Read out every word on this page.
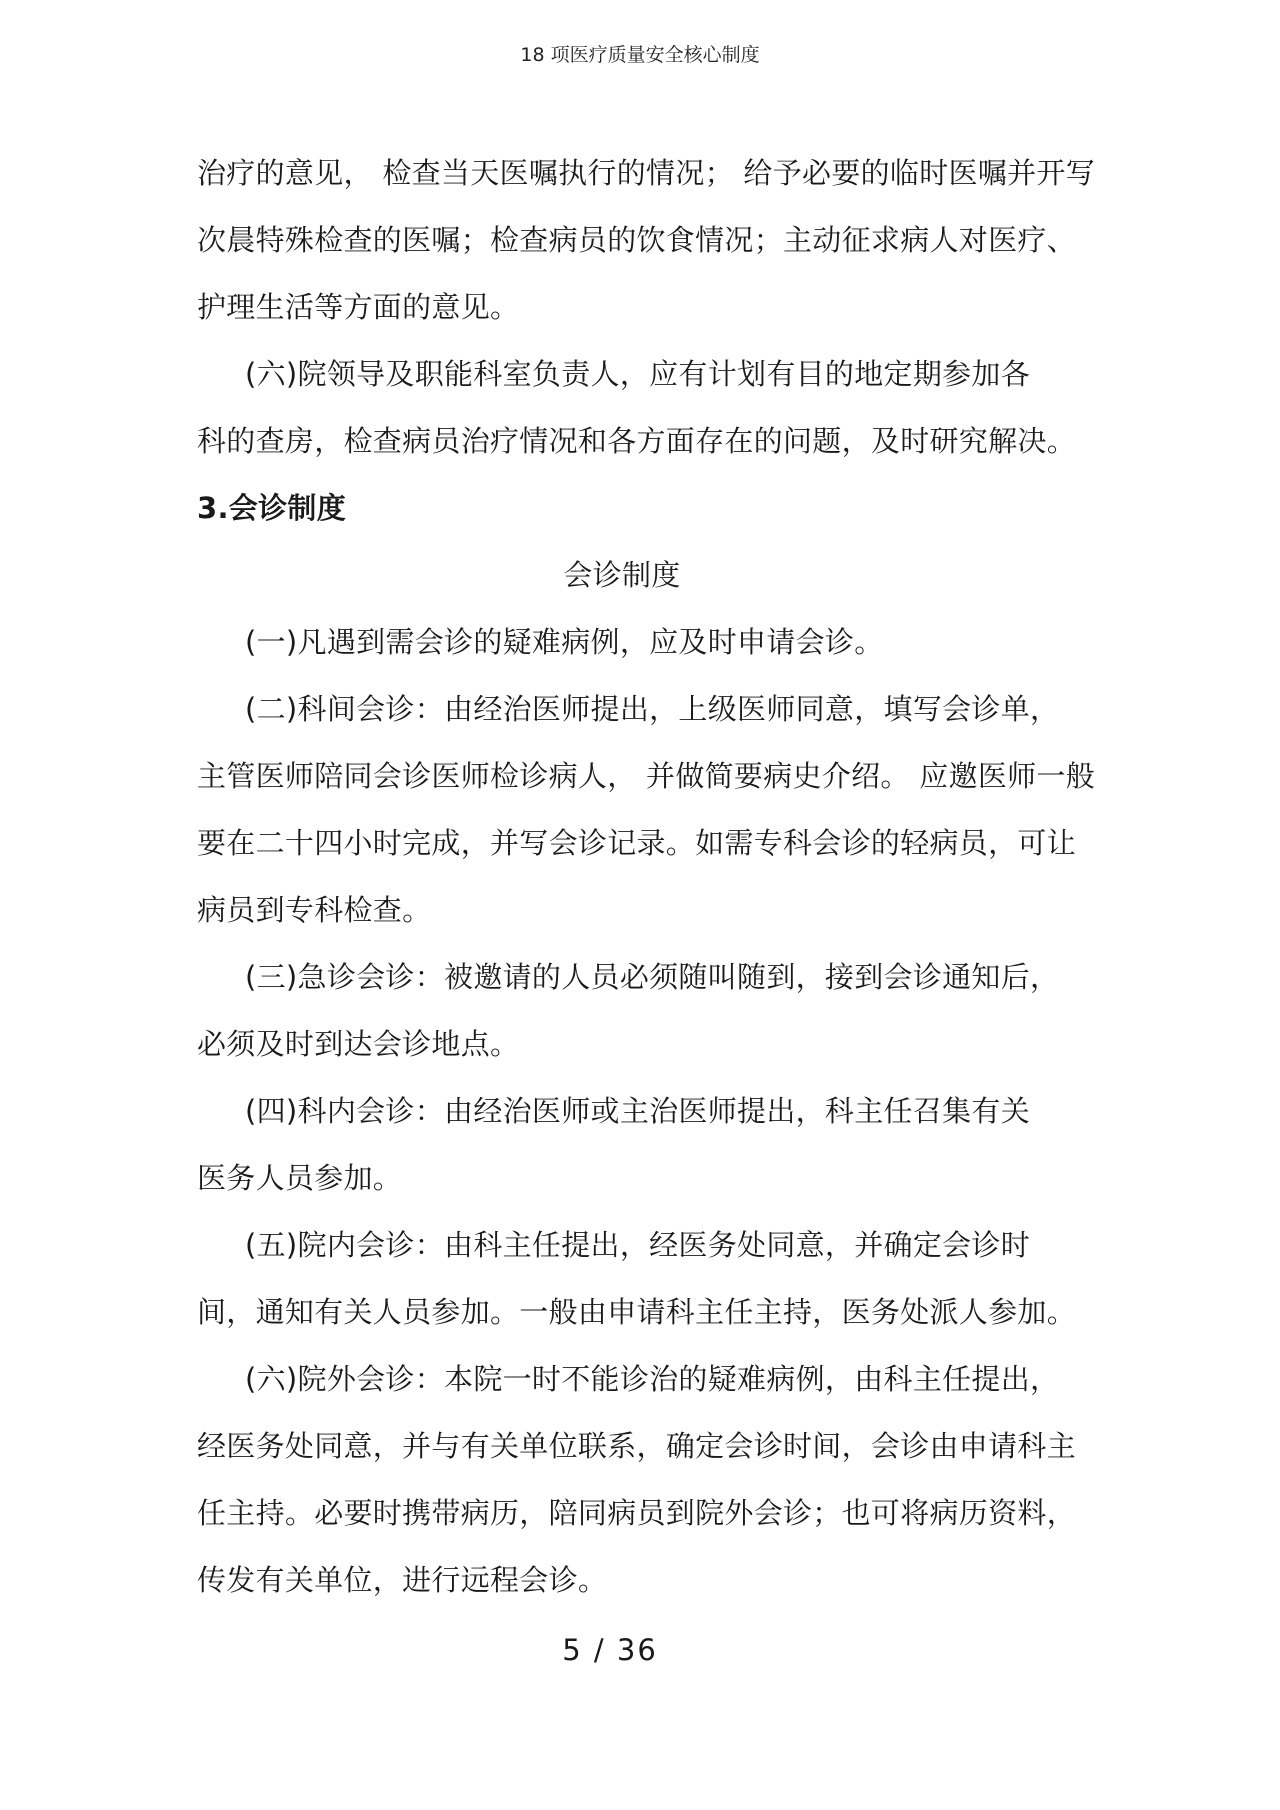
18 项医疗质量安全核心制度
治疗的意见， 检查当天医嘱执行的情况； 给予必要的临时医嘱并开写
次晨特殊检查的医嘱；检查病员的饮食情况；主动征求病人对医疗、
护理生活等方面的意见。
(六)院领导及职能科室负责人，应有计划有目的地定期参加各
科的查房，检查病员治疗情况和各方面存在的问题，及时研究解决。
3.会诊制度
会诊制度
(一)凡遇到需会诊的疑难病例，应及时申请会诊。
(二)科间会诊：由经治医师提出，上级医师同意，填写会诊单，
主管医师陪同会诊医师检诊病人， 并做简要病史介绍。 应邀医师一般
要在二十四小时完成，并写会诊记录。如需专科会诊的轻病员，可让
病员到专科检查。
(三)急诊会诊：被邀请的人员必须随叫随到，接到会诊通知后，
必须及时到达会诊地点。
(四)科内会诊：由经治医师或主治医师提出，科主任召集有关
医务人员参加。
(五)院内会诊：由科主任提出，经医务处同意，并确定会诊时
间，通知有关人员参加。一般由申请科主任主持，医务处派人参加。
(六)院外会诊：本院一时不能诊治的疑难病例，由科主任提出，
经医务处同意，并与有关单位联系，确定会诊时间，会诊由申请科主
任主持。必要时携带病历，陪同病员到院外会诊；也可将病历资料，
传发有关单位，进行远程会诊。
5 / 36
